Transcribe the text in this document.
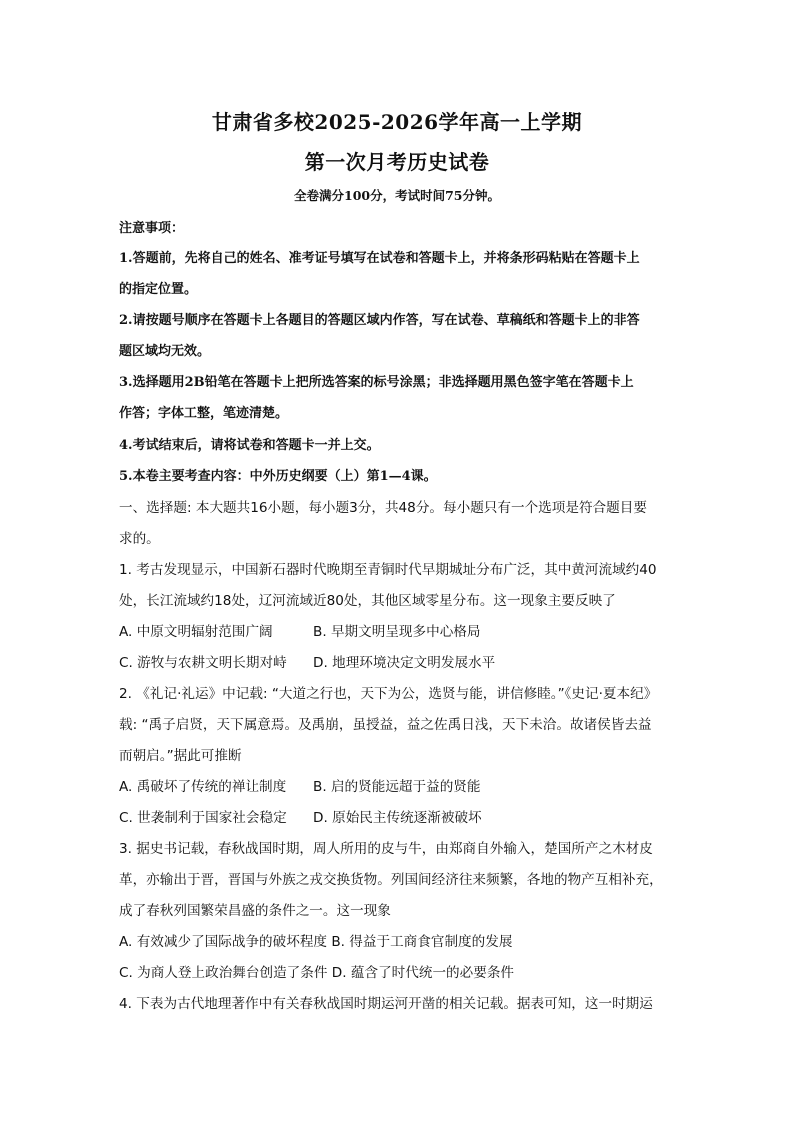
甘肃省多校2025-2026学年高一上学期
第一次月考历史试卷
全卷满分100分，考试时间75分钟。
注意事项：
1.答题前，先将自己的姓名、准考证号填写在试卷和答题卡上，并将条形码粘贴在答题卡上
的指定位置。
2.请按题号顺序在答题卡上各题目的答题区域内作答，写在试卷、草稿纸和答题卡上的非答
题区域均无效。
3.选择题用2B铅笔在答题卡上把所选答案的标号涂黑；非选择题用黑色签字笔在答题卡上
作答；字体工整，笔迹清楚。
4.考试结束后，请将试卷和答题卡一并上交。
5.本卷主要考查内容：中外历史纲要（上）第1—4课。
一、选择题: 本大题共16小题，每小题3分，共48分。每小题只有一个选项是符合题目要
求的。
1. 考古发现显示，中国新石器时代晚期至青铜时代早期城址分布广泛，其中黄河流域约40
处，长江流域约18处，辽河流域近80处，其他区域零星分布。这一现象主要反映了
A. 中原文明辐射范围广阔	B. 早期文明呈现多中心格局
C. 游牧与农耕文明长期对峙 D. 地理环境决定文明发展水平
2. 《礼记·礼运》中记载: “大道之行也，天下为公，选贤与能，讲信修睦。”《史记·夏本纪》
载: “禹子启贤，天下属意焉。及禹崩，虽授益，益之佐禹日浅，天下未洽。故诸侯皆去益
而朝启。”据此可推断
A. 禹破坏了传统的禅让制度 B. 启的贤能远超于益的贤能
C. 世袭制利于国家社会稳定 D. 原始民主传统逐渐被破坏
3. 据史书记载，春秋战国时期，周人所用的皮与牛，由郑商自外输入，楚国所产之木材皮
革，亦输出于晋，晋国与外族之戎交换货物。列国间经济往来频繁，各地的物产互相补充，
成了春秋列国繁荣昌盛的条件之一。这一现象
A. 有效减少了国际战争的破坏程度 B. 得益于工商食官制度的发展
C. 为商人登上政治舞台创造了条件 D. 蕴含了时代统一的必要条件
4. 下表为古代地理著作中有关春秋战国时期运河开凿的相关记载。据表可知，这一时期运
